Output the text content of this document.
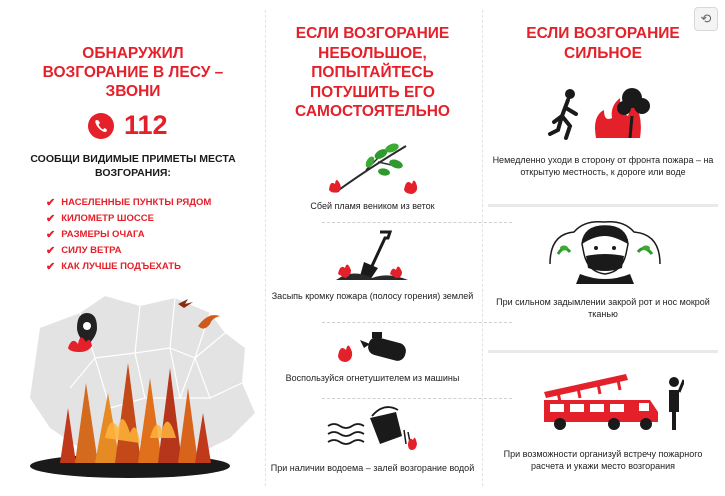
ОБНАРУЖИЛ ВОЗГОРАНИЕ В ЛЕСУ – ЗВОНИ
112
СООБЩИ ВИДИМЫЕ ПРИМЕТЫ МЕСТА ВОЗГОРАНИЯ:
✔ НАСЕЛЕННЫЕ ПУНКТЫ РЯДОМ
✔ КИЛОМЕТР ШОССЕ
✔ РАЗМЕРЫ ОЧАГА
✔ СИЛУ ВЕТРА
✔ КАК ЛУЧШЕ ПОДЪЕХАТЬ
ЕСЛИ ВОЗГОРАНИЕ НЕБОЛЬШОЕ, ПОПЫТАЙТЕСЬ ПОТУШИТЬ ЕГО САМОСТОЯТЕЛЬНО
Сбей пламя веником из веток
Засыпь кромку пожара (полосу горения) землей
Воспользуйся огнетушителем из машины
При наличии водоема – залей возгорание водой
ЕСЛИ ВОЗГОРАНИЕ СИЛЬНОЕ
Немедленно уходи в сторону от фронта пожара – на открытую местность, к дороге или воде
При сильном задымлении закрой рот и нос мокрой тканью
При возможности организуй встречу пожарного расчета и укажи место возгорания
⟲
